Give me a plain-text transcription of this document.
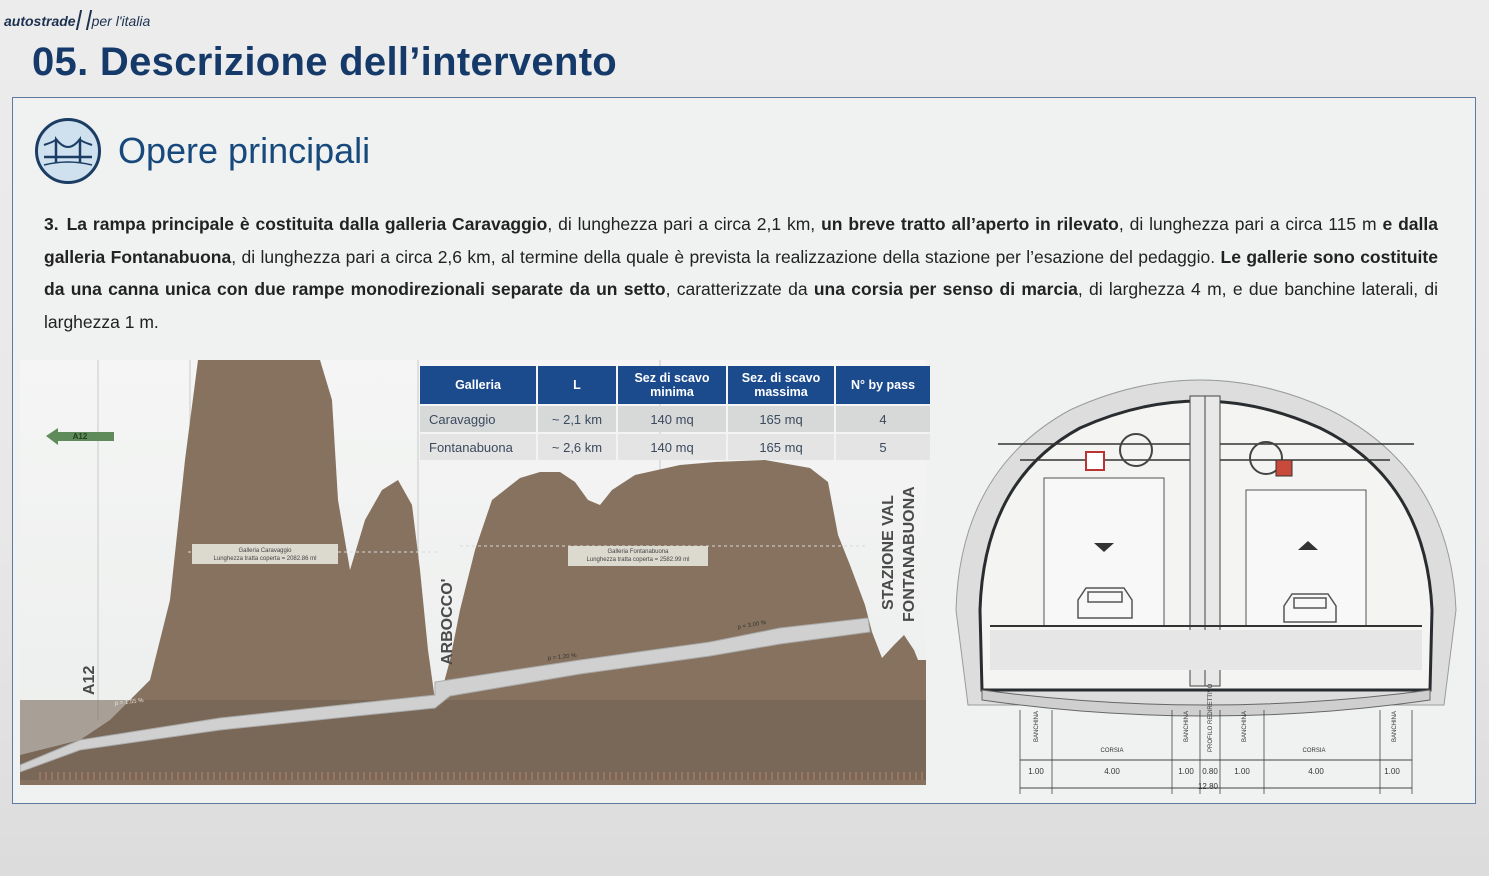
autostrade per l'italia
05. Descrizione dell’intervento
Opere principali
3. La rampa principale è costituita dalla galleria Caravaggio, di lunghezza pari a circa 2,1 km, un breve tratto all’aperto in rilevato, di lunghezza pari a circa 115 m e dalla galleria Fontanabuona, di lunghezza pari a circa 2,6 km, al termine della quale è prevista la realizzazione della stazione per l’esazione del pedaggio. Le gallerie sono costituite da una canna unica con due rampe monodirezionali separate da un setto, caratterizzate da una corsia per senso di marcia, di larghezza 4 m, e due banchine laterali, di larghezza 1 m.
A12
A12
ARBOCCO'
STAZIONE VAL FONTANABUONA
Galleria Caravaggio
Lunghezza tratta coperta = 2082.86 ml
Galleria Fontanabuona
Lunghezza tratta coperta = 2582.99 ml
p = 1.55 %
p = 1.20 %
p = 3.00 %
Galleria	L	Sez di scavo minima	Sez. di scavo massima	N° by pass
Caravaggio	~ 2,1 km	140 mq	165 mq	4
Fontanabuona	~ 2,6 km	140 mq	165 mq	5
BANCHINA
CORSIA
BANCHINA	PROFILO REDIRETTIVO	BANCHINA
CORSIA
BANCHINA
1.00	4.00	1.00 0.80 1.00	4.00	1.00
12.80
